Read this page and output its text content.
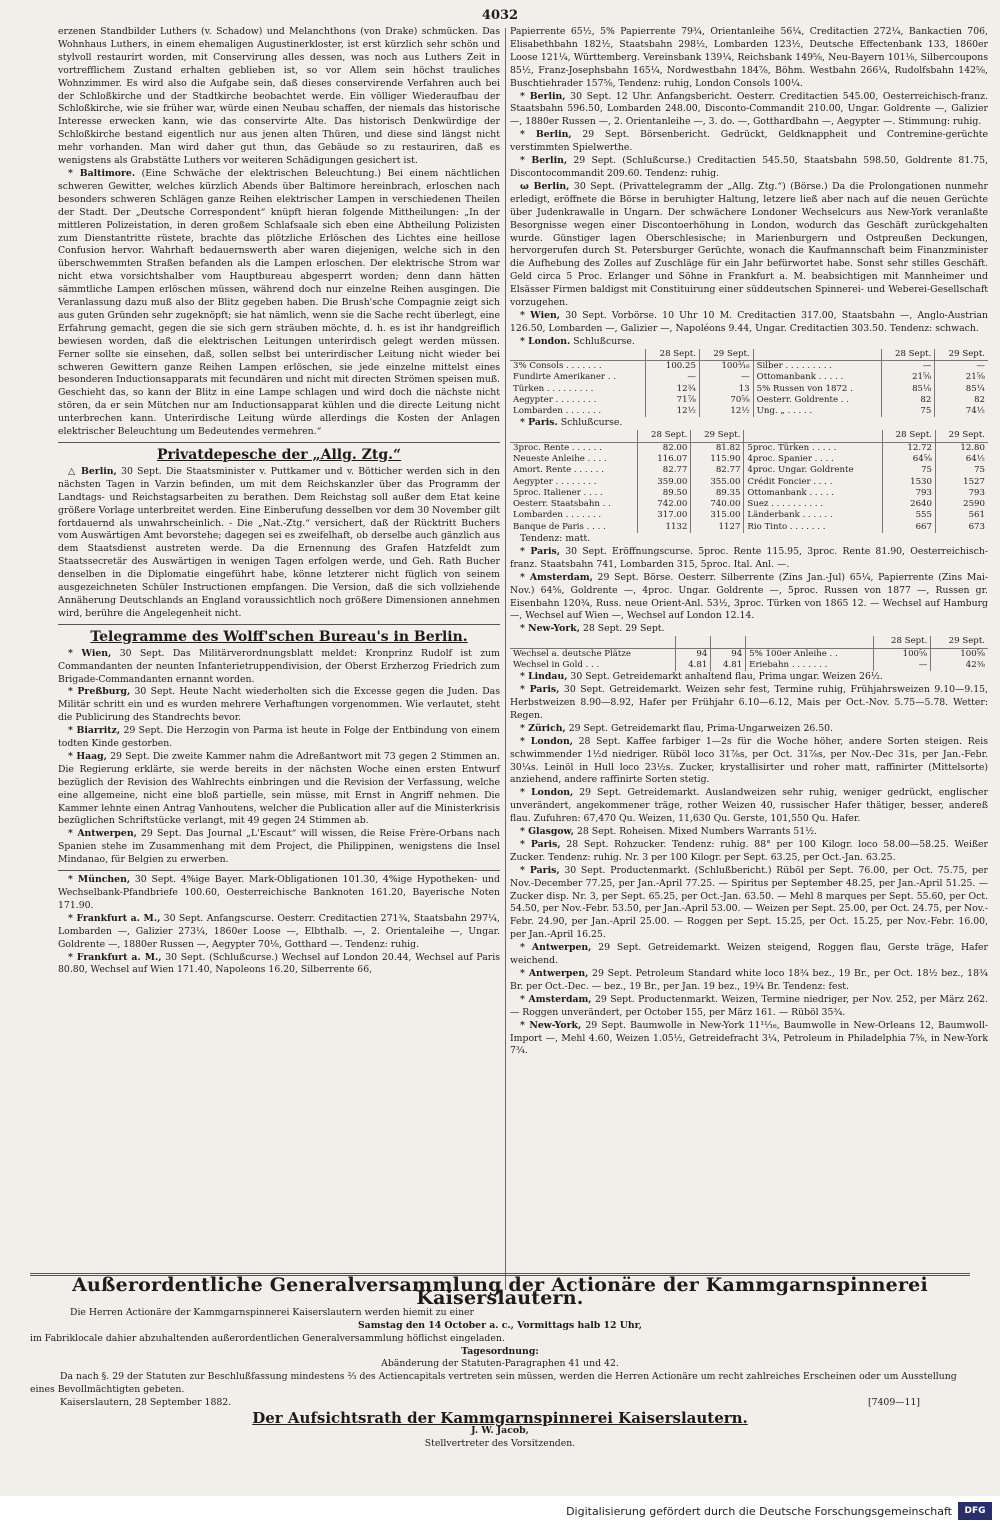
4032

erzenen Standbilder Luthers (v. Schadow) und Melanchthons (von Drake) schmücken. Das Wohnhaus Luthers, in einem ehemaligen Augustinerkloster, ist erst kürzlich sehr schön und stylvoll restaurirt worden, mit Conservirung alles dessen, was noch aus Luthers Zeit in vortrefflichem Zustand erhalten geblieben ist, so vor Allem sein höchst trauliches Wohnzimmer. Es wird also die Aufgabe sein, daß dieses conservirende Verfahren auch bei der Schloßkirche und der Stadtkirche beobachtet werde. Ein völliger Wiederaufbau der Schloßkirche, wie sie früher war, würde einen Neubau schaffen, der niemals das historische Interesse erwecken kann, wie das conservirte Alte. Das historisch Denkwürdige der Schloßkirche bestand eigentlich nur aus jenen alten Thüren, und diese sind längst nicht mehr vorhanden. Man wird daher gut thun, das Gebäude so zu restauriren, daß es wenigstens als Grabstätte Luthers vor weiteren Schädigungen gesichert ist.

* Baltimore. (Eine Schwäche der elektrischen Beleuchtung.) Bei einem nächtlichen schweren Gewitter, welches kürzlich Abends über Baltimore hereinbrach, erloschen nach besonders schweren Schlägen ganze Reihen elektrischer Lampen in verschiedenen Theilen der Stadt. Der „Deutsche Correspondent“ knüpft hieran folgende Mittheilungen: „In der mittleren Polizeistation, in deren großem Schlafsaale sich eben eine Abtheilung Polizisten zum Dienstantritte rüstete, brachte das plötzliche Erlöschen des Lichtes eine heillose Confusion hervor. Wahrhaft bedauernswerth aber waren diejenigen, welche sich in den überschwemmten Straßen befanden als die Lampen erloschen. Der elektrische Strom war nicht etwa vorsichtshalber vom Hauptbureau abgesperrt worden; denn dann hätten sämmtliche Lampen erlöschen müssen, während doch nur einzelne Reihen ausgingen. Die Veranlassung dazu muß also der Blitz gegeben haben. Die Brush'sche Compagnie zeigt sich aus guten Gründen sehr zugeknöpft; sie hat nämlich, wenn sie die Sache recht überlegt, eine Erfahrung gemacht, gegen die sie sich gern sträuben möchte, d. h. es ist ihr handgreiflich bewiesen worden, daß die elektrischen Leitungen unterirdisch gelegt werden müssen. Ferner sollte sie einsehen, daß, sollen selbst bei unterirdischer Leitung nicht wieder bei schweren Gewittern ganze Reihen Lampen erlöschen, sie jede einzelne mittelst eines besonderen Inductionsapparats mit fecundären und nicht mit directen Strömen speisen muß. Geschieht das, so kann der Blitz in eine Lampe schlagen und wird doch die nächste nicht stören, da er sein Mütchen nur am Inductionsapparat kühlen und die directe Leitung nicht unterbrechen kann. Unterirdische Leitung würde allerdings die Kosten der Anlagen elektrischer Beleuchtung um Bedeutendes vermehren.“

Privatdepesche der „Allg. Ztg.“

△ Berlin, 30 Sept. Die Staatsminister v. Puttkamer und v. Bötticher werden sich in den nächsten Tagen in Varzin befinden, um mit dem Reichskanzler über das Programm der Landtags- und Reichstagsarbeiten zu berathen. Dem Reichstag soll außer dem Etat keine größere Vorlage unterbreitet werden. Eine Einberufung desselben vor dem 30 November gilt fortdauernd als unwahrscheinlich. - Die „Nat.-Ztg.“ versichert, daß der Rücktritt Buchers vom Auswärtigen Amt bevorstehe; dagegen sei es zweifelhaft, ob derselbe auch gänzlich aus dem Staatsdienst austreten werde. Da die Ernennung des Grafen Hatzfeldt zum Staatssecretär des Auswärtigen in wenigen Tagen erfolgen werde, und Geh. Rath Bucher denselben in die Diplomatie eingeführt habe, könne letzterer nicht füglich von seinem ausgezeichneten Schüler Instructionen empfangen. Die Version, daß die sich vollziehende Annäherung Deutschlands an England voraussichtlich noch größere Dimensionen annehmen wird, berühre die Angelegenheit nicht.

Telegramme des Wolff'schen Bureau's in Berlin.

* Wien, 30 Sept. Das Militärverordnungsblatt meldet: Kronprinz Rudolf ist zum Commandanten der neunten Infanterietruppendivision, der Oberst Erzherzog Friedrich zum Brigade-Commandanten ernannt worden.

* Preßburg, 30 Sept. Heute Nacht wiederholten sich die Excesse gegen die Juden. Das Militär schritt ein und es wurden mehrere Verhaftungen vorgenommen. Wie verlautet, steht die Publicirung des Standrechts bevor.

* Biarritz, 29 Sept. Die Herzogin von Parma ist heute in Folge der Entbindung von einem todten Kinde gestorben.

* Haag, 29 Sept. Die zweite Kammer nahm die Adreßantwort mit 73 gegen 2 Stimmen an. Die Regierung erklärte, sie werde bereits in der nächsten Woche einen ersten Entwurf bezüglich der Revision des Wahlrechts einbringen und die Revision der Verfassung, welche eine allgemeine, nicht eine bloß partielle, sein müsse, mit Ernst in Angriff nehmen. Die Kammer lehnte einen Antrag Vanhoutens, welcher die Publication aller auf die Ministerkrisis bezüglichen Schriftstücke verlangt, mit 49 gegen 24 Stimmen ab.

* Antwerpen, 29 Sept. Das Journal „L'Escaut“ will wissen, die Reise Frère-Orbans nach Spanien stehe im Zusammenhang mit dem Project, die Philippinen, wenigstens die Insel Mindanao, für Belgien zu erwerben.

* München, 30 Sept. 4%ige Bayer. Mark-Obligationen 101.30, 4%ige Hypotheken- und Wechselbank-Pfandbriefe 100.60, Oesterreichische Banknoten 161.20, Bayerische Noten 171.90.

* Frankfurt a. M., 30 Sept. Anfangscurse. Oesterr. Creditactien 271¾, Staatsbahn 297¼, Lombarden —, Galizier 273¼, 1860er Loose —, Elbthalb. —, 2. Orientaleihe —, Ungar. Goldrente —, 1880er Russen —, Aegypter 70⅛, Gotthard —. Tendenz: ruhig.

* Frankfurt a. M., 30 Sept. (Schlußcurse.) Wechsel auf London 20.44, Wechsel auf Paris 80.80, Wechsel auf Wien 171.40, Napoleons 16.20, Silberrente 66,

Papierrente 65½, 5% Papierrente 79¾, Orientanleihe 56¼, Creditactien 272¼, Bankactien 706, Elisabethbahn 182½, Staatsbahn 298½, Lombarden 123½, Deutsche Effectenbank 133, 1860er Loose 121¼, Württemberg. Vereinsbank 139¼, Reichsbank 149⅝, Neu-Bayern 101⅛, Silbercoupons 85½, Franz-Josephsbahn 165¼, Nordwestbahn 184⅞, Böhm. Westbahn 266¼, Rudolfsbahn 142⅝, Buschtiehrader 157⅝, Tendenz: ruhig, London Consols 100¼.

* Berlin, 30 Sept. 12 Uhr. Anfangsbericht. Oesterr. Creditactien 545.00, Oesterreichisch-franz. Staatsbahn 596.50, Lombarden 248.00, Disconto-Commandit 210.00, Ungar. Goldrente —, Galizier —, 1880er Russen —, 2. Orientanleihe —, 3. do. —, Gotthardbahn —, Aegypter —. Stimmung: ruhig.

* Berlin, 29 Sept. Börsenbericht. Gedrückt, Geldknappheit und Contremine-gerüchte verstimmten Spielwerthe.

* Berlin, 29 Sept. (Schlußcurse.) Creditactien 545.50, Staatsbahn 598.50, Goldrente 81.75, Discontocommandit 209.60. Tendenz: ruhig.

ω Berlin, 30 Sept. (Privattelegramm der „Allg. Ztg.“) (Börse.) Da die Prolongationen nunmehr erledigt, eröffnete die Börse in beruhigter Haltung, letzere ließ aber nach auf die neuen Gerüchte über Judenkrawalle in Ungarn. Der schwächere Londoner Wechselcurs aus New-York veranlaßte Besorgnisse wegen einer Discontoerhöhung in London, wodurch das Geschäft zurückgehalten wurde. Günstiger lagen Oberschlesische; in Marienburgern und Ostpreußen Deckungen, hervorgerufen durch St. Petersburger Gerüchte, wonach die Kaufmannschaft beim Finanzminister die Aufhebung des Zolles auf Zuschläge für ein Jahr befürwortet habe. Sonst sehr stilles Geschäft. Geld circa 5 Proc. Erlanger und Söhne in Frankfurt a. M. beabsichtigen mit Mannheimer und Elsässer Firmen baldigst mit Constituirung einer süddeutschen Spinnerei- und Weberei-Gesellschaft vorzugehen.

* Wien, 30 Sept. Vorbörse. 10 Uhr 10 M. Creditactien 317.00, Staatsbahn —, Anglo-Austrian 126.50, Lombarden —, Galizier —, Napoléons 9.44, Ungar. Creditactien 303.50. Tendenz: schwach.

* London. Schlußcurse.

	28 Sept.	29 Sept.		28 Sept.	29 Sept.
3% Consols . . . . . . .	100.25	100³⁄₁₆	Silber . . . . . . . . .	—	—
Fundirte Amerikaner . .	—	—	Ottomanbank . . . . .	21⅝	21⅝
Türken . . . . . . . . .	12¾	13	5% Russen von 1872 .	85⅛	85¼
Aegypter . . . . . . . .	71⅞	70⅝	Oesterr. Goldrente . .	82	82
Lombarden . . . . . . .	12½	12½	Ung. „ . . . . .	75	74½

* Paris. Schlußcurse.

	28 Sept.	29 Sept.		28 Sept.	29 Sept.
3proc. Rente . . . . . .	82.00	81.82	5proc. Türken . . . . .	12.72	12.80
Neueste Anleihe . . . .	116.07	115.90	4proc. Spanier . . . .	64⅝	64½
Amort. Rente . . . . . .	82.77	82.77	4proc. Ungar. Goldrente	75	75
Aegypter . . . . . . . .	359.00	355.00	Crédit Foncier . . . .	1530	1527
5proc. Italiener . . . .	89.50	89.35	Ottomanbank . . . . .	793	793
Oesterr. Staatsbahn . .	742.00	740.00	Suez . . . . . . . . . .	2640	2590
Lombarden . . . . . . .	317.00	315.00	Länderbank . . . . . .	555	561
Banque de Paris . . . .	1132	1127	Rio Tinto . . . . . . .	667	673

Tendenz: matt.

* Paris, 30 Sept. Eröffnungscurse. 5proc. Rente 115.95, 3proc. Rente 81.90, Oesterreichisch-franz. Staatsbahn 741, Lombarden 315, 5proc. Ital. Anl. —.

* Amsterdam, 29 Sept. Börse. Oesterr. Silberrente (Zins Jan.-Jul) 65¼, Papierrente (Zins Mai-Nov.) 64⅝, Goldrente —, 4proc. Ungar. Goldrente —, 5proc. Russen von 1877 —, Russen gr. Eisenbahn 120¾, Russ. neue Orient-Anl. 53½, 3proc. Türken von 1865 12. — Wechsel auf Hamburg —, Wechsel auf Wien —, Wechsel auf London 12.14.

* New-York, 28 Sept. 29 Sept.

				28 Sept.	29 Sept.
Wechsel a. deutsche Plätze	94	94	5% 100er Anleihe . .	100⅝	100⅝
Wechsel in Gold . . .	4.81	4.81	Eriebahn . . . . . . .	—	42⅜

* Lindau, 30 Sept. Getreidemarkt anhaltend flau, Prima ungar. Weizen 26½.

* Paris, 30 Sept. Getreidemarkt. Weizen sehr fest, Termine ruhig, Frühjahrsweizen 9.10—9.15, Herbstweizen 8.90—8.92, Hafer per Frühjahr 6.10—6.12, Mais per Oct.-Nov. 5.75—5.78. Wetter: Regen.

* Zürich, 29 Sept. Getreidemarkt flau, Prima-Ungarweizen 26.50.

* London, 28 Sept. Kaffee farbiger 1—2s für die Woche höher, andere Sorten steigen. Reis schwimmender 1½d niedriger. Rüböl loco 31⅞s, per Oct. 31⅞s, per Nov.-Dec 31s, per Jan.-Febr. 30¼s. Leinöl in Hull loco 23½s. Zucker, krystallisirter und roher matt, raffinirter (Mittelsorte) anziehend, andere raffinirte Sorten stetig.

* London, 29 Sept. Getreidemarkt. Auslandweizen sehr ruhig, weniger gedrückt, englischer unverändert, angekommener träge, rother Weizen 40, russischer Hafer thätiger, besser, andereß flau. Zufuhren: 67,470 Qu. Weizen, 11,630 Qu. Gerste, 101,550 Qu. Hafer.

* Glasgow, 28 Sept. Roheisen. Mixed Numbers Warrants 51½.

* Paris, 28 Sept. Rohzucker. Tendenz: ruhig. 88° per 100 Kilogr. loco 58.00—58.25. Weißer Zucker. Tendenz: ruhig. Nr. 3 per 100 Kilogr. per Sept. 63.25, per Oct.-Jan. 63.25.

* Paris, 30 Sept. Productenmarkt. (Schlußbericht.) Rüböl per Sept. 76.00, per Oct. 75.75, per Nov.-December 77.25, per Jan.-April 77.25. — Spiritus per September 48.25, per Jan.-April 51.25. — Zucker disp. Nr. 3, per Sept. 65.25, per Oct.-Jan. 63.50. — Mehl 8 marques per Sept. 55.60, per Oct. 54.50, per Nov.-Febr. 53.50, per Jan.-April 53.00. — Weizen per Sept. 25.00, per Oct. 24.75, per Nov.-Febr. 24.90, per Jan.-April 25.00. — Roggen per Sept. 15.25, per Oct. 15.25, per Nov.-Febr. 16.00, per Jan.-April 16.25.

* Antwerpen, 29 Sept. Getreidemarkt. Weizen steigend, Roggen flau, Gerste träge, Hafer weichend.

* Antwerpen, 29 Sept. Petroleum Standard white loco 18¾ bez., 19 Br., per Oct. 18½ bez., 18¾ Br. per Oct.-Dec. — bez., 19 Br., per Jan. 19 bez., 19¼ Br. Tendenz: fest.

* Amsterdam, 29 Sept. Productenmarkt. Weizen, Termine niedriger, per Nov. 252, per März 262. — Roggen unverändert, per October 155, per März 161. — Rüböl 35¾.

* New-York, 29 Sept. Baumwolle in New-York 11¹¹⁄₁₆, Baumwolle in New-Orleans 12, Baumwoll-Import —, Mehl 4.60, Weizen 1.05½, Getreidefracht 3¼, Petroleum in Philadelphia 7⅝, in New-York 7¾.

Außerordentliche Generalversammlung der Actionäre der Kammgarnspinnerei Kaiserslautern.
Die Herren Actionäre der Kammgarnspinnerei Kaiserslautern werden hiemit zu einer
Samstag den 14 October a. c., Vormittags halb 12 Uhr,
im Fabriklocale dahier abzuhaltenden außerordentlichen Generalversammlung höflichst eingeladen.
Tagesordnung:
Abänderung der Statuten-Paragraphen 41 und 42.
Da nach §. 29 der Statuten zur Beschlußfassung mindestens ⅔ des Actiencapitals vertreten sein müssen, werden die Herren Actionäre um recht zahlreiches Erscheinen oder um Ausstellung eines Bevollmächtigten gebeten.
Kaiserslautern, 28 September 1882.	[7409—11]
Der Aufsichtsrath der Kammgarnspinnerei Kaiserslautern.
J. W. Jacob,
Stellvertreter des Vorsitzenden.
Digitalisierung gefördert durch die Deutsche Forschungsgemeinschaft	DFG
